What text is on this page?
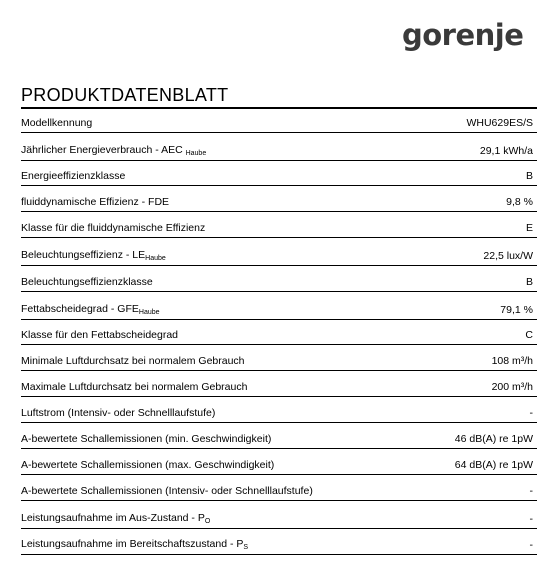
gorenje
PRODUKTDATENBLATT
Modellkennung	WHU629ES/S
Jährlicher Energieverbrauch - AEC $_{Haube}$	29,1 kWh/a
Energieeffizienzklasse	B
fluiddynamische Effizienz - FDE	9,8 %
Klasse für die fluiddynamische Effizienz	E
Beleuchtungseffizienz - $LE_{Haube}$	22,5 lux/W
Beleuchtungseffizienzklasse	B
Fettabscheidegrad - $GFE_{Haube}$	79,1 %
Klasse für den Fettabscheidegrad	C
Minimale Luftdurchsatz bei normalem Gebrauch	108 m³/h
Maximale Luftdurchsatz bei normalem Gebrauch	200 m³/h
Luftstrom (Intensiv- oder Schnelllaufstufe)	-
A-bewertete Schallemissionen (min. Geschwindigkeit)	46 dB(A) re 1pW
A-bewertete Schallemissionen (max. Geschwindigkeit)	64 dB(A) re 1pW
A-bewertete Schallemissionen (Intensiv- oder Schnelllaufstufe)	-
Leistungsaufnahme im $Aus-Zustand - P_O$	-
Leistungsaufnahme im Bereitschaftszustand - $P_S$	-
